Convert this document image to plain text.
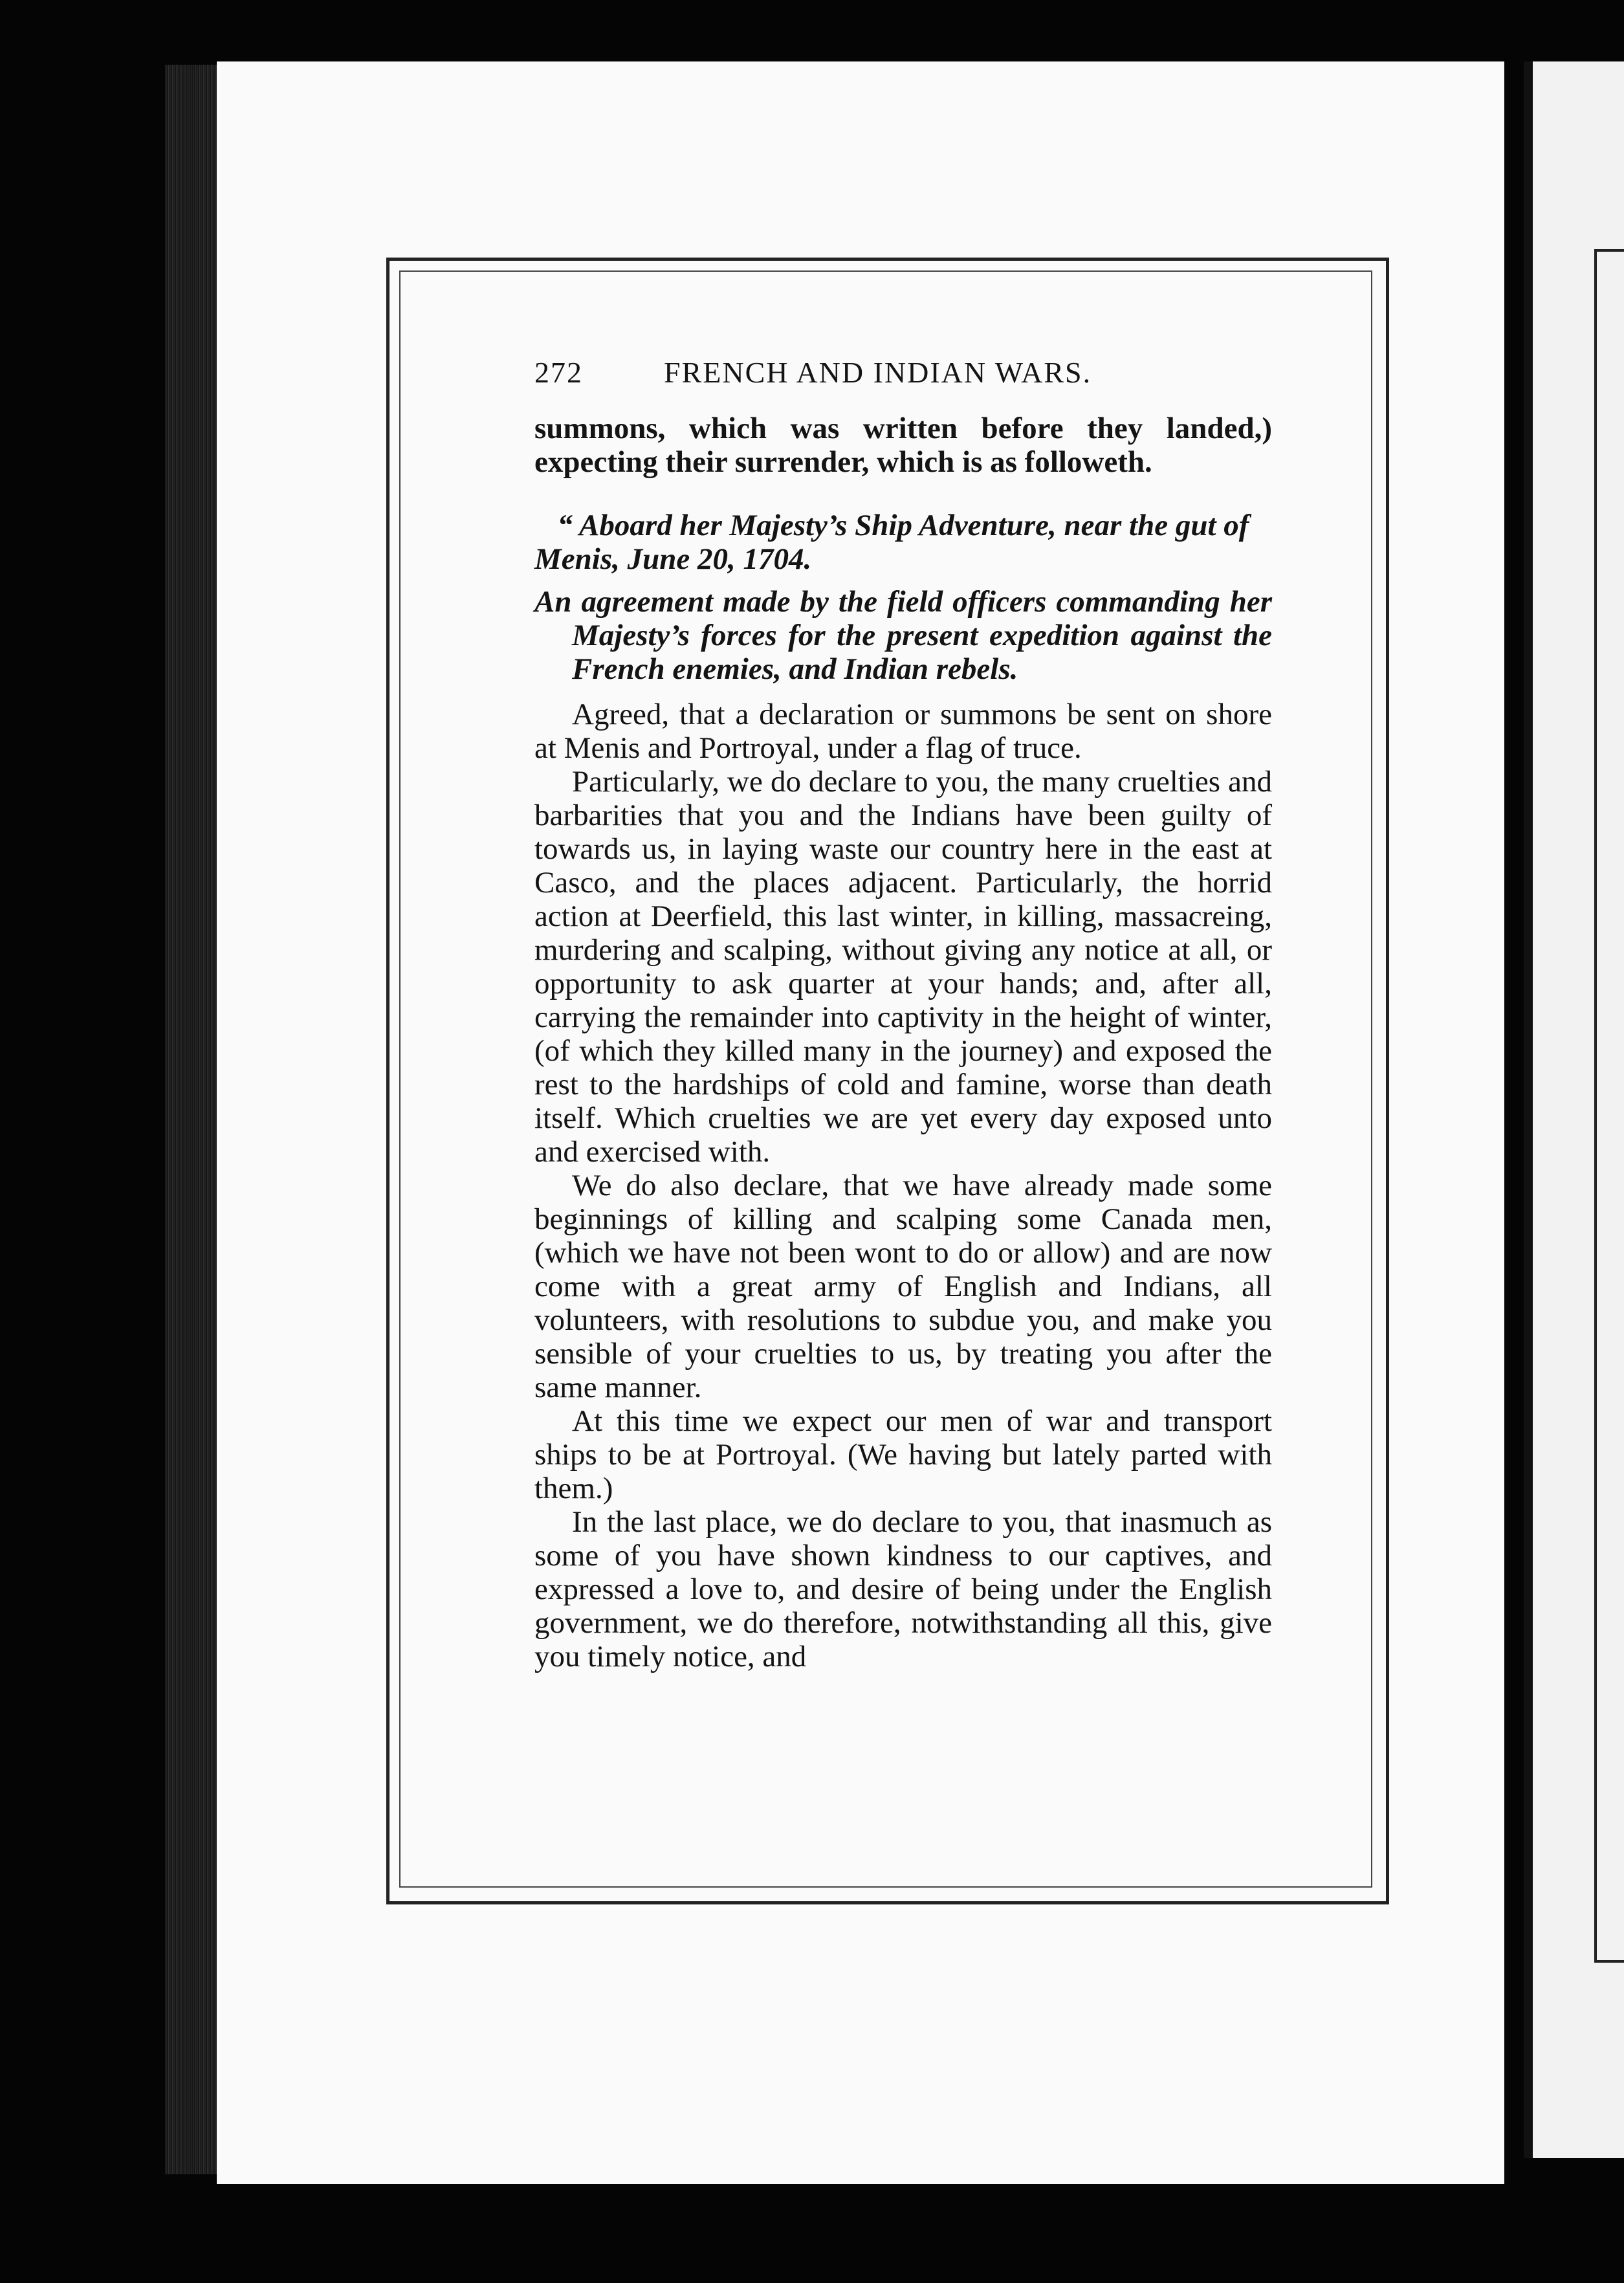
272	FRENCH AND INDIAN WARS.

summons, which was written before they landed,) expecting their surrender, which is as followeth.

“ Aboard her Majesty’s Ship Adventure, near the gut of Menis, June 20, 1704.

An agreement made by the field officers commanding her Majesty’s forces for the present expedition against the French enemies, and Indian rebels.

Agreed, that a declaration or summons be sent on shore at Menis and Portroyal, under a flag of truce.

Particularly, we do declare to you, the many cruelties and barbarities that you and the Indians have been guilty of towards us, in laying waste our country here in the east at Casco, and the places adjacent. Particularly, the horrid action at Deerfield, this last winter, in killing, massacreing, murdering and scalping, without giving any notice at all, or opportunity to ask quarter at your hands; and, after all, carrying the remainder into captivity in the height of winter, (of which they killed many in the journey) and exposed the rest to the hardships of cold and famine, worse than death itself. Which cruelties we are yet every day exposed unto and exercised with.

We do also declare, that we have already made some beginnings of killing and scalping some Canada men, (which we have not been wont to do or allow) and are now come with a great army of English and Indians, all volunteers, with resolutions to subdue you, and make you sensible of your cruelties to us, by treating you after the same manner.

At this time we expect our men of war and transport ships to be at Portroyal. (We having but lately parted with them.)

In the last place, we do declare to you, that inasmuch as some of you have shown kindness to our captives, and expressed a love to, and desire of being under the English government, we do therefore, notwithstanding all this, give you timely notice, and
